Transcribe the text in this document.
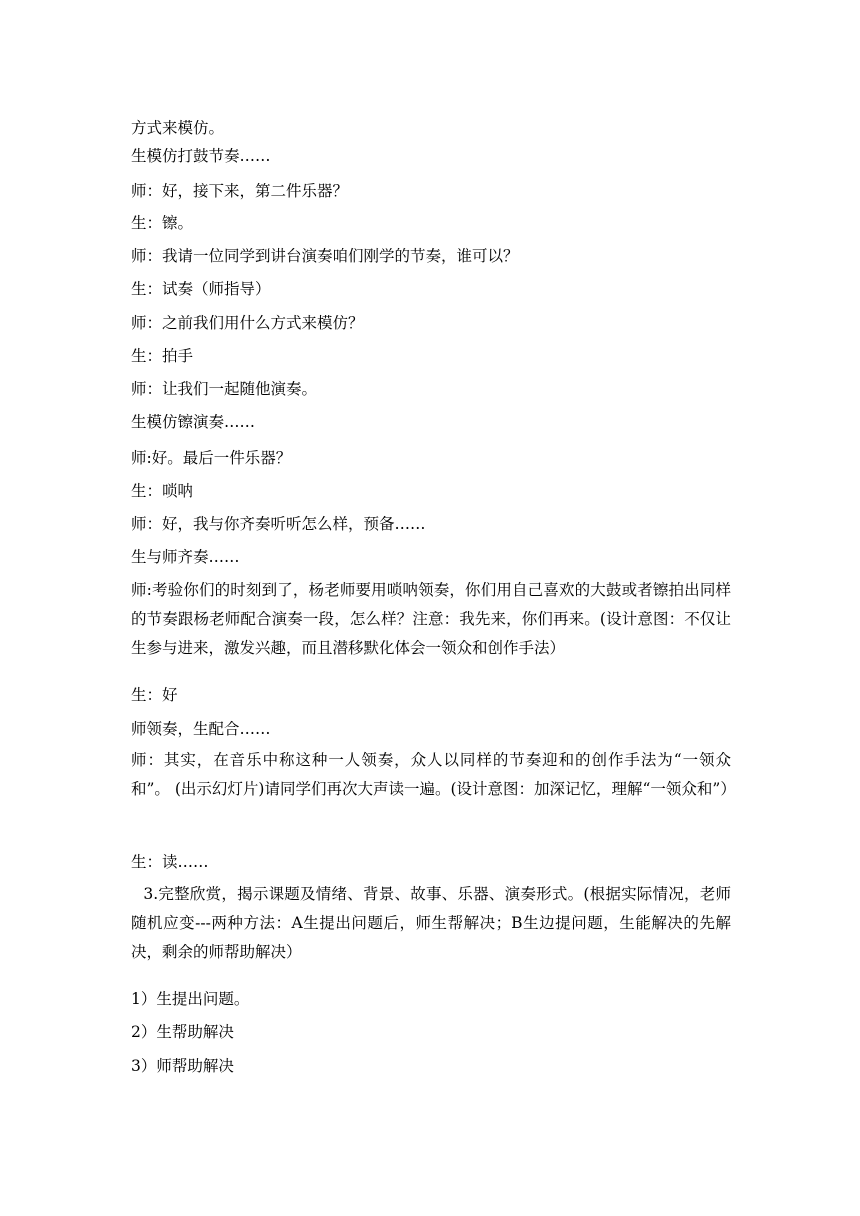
方式来模仿。
生模仿打鼓节奏……
师：好，接下来，第二件乐器？
生：镲。
师：我请一位同学到讲台演奏咱们刚学的节奏，谁可以？
生：试奏（师指导）
师：之前我们用什么方式来模仿？
生：拍手
师：让我们一起随他演奏。
生模仿镲演奏……
师:好。最后一件乐器？
生：唢呐
师：好，我与你齐奏听听怎么样，预备……
生与师齐奏……
师:考验你们的时刻到了，杨老师要用唢呐领奏，你们用自己喜欢的大鼓或者镲拍出同样的节奏跟杨老师配合演奏一段，怎么样？注意：我先来，你们再来。(设计意图：不仅让生参与进来，激发兴趣，而且潜移默化体会一领众和创作手法）
生：好
师领奏，生配合……
师：其实，在音乐中称这种一人领奏，众人以同样的节奏迎和的创作手法为“一领众和”。 (出示幻灯片)请同学们再次大声读一遍。(设计意图：加深记忆，理解“一领众和”）
生：读……
3.完整欣赏，揭示课题及情绪、背景、故事、乐器、演奏形式。(根据实际情况，老师随机应变---两种方法：A生提出问题后，师生帮解决；B生边提问题，生能解决的先解决，剩余的师帮助解决）
1）生提出问题。
2）生帮助解决
3）师帮助解决
